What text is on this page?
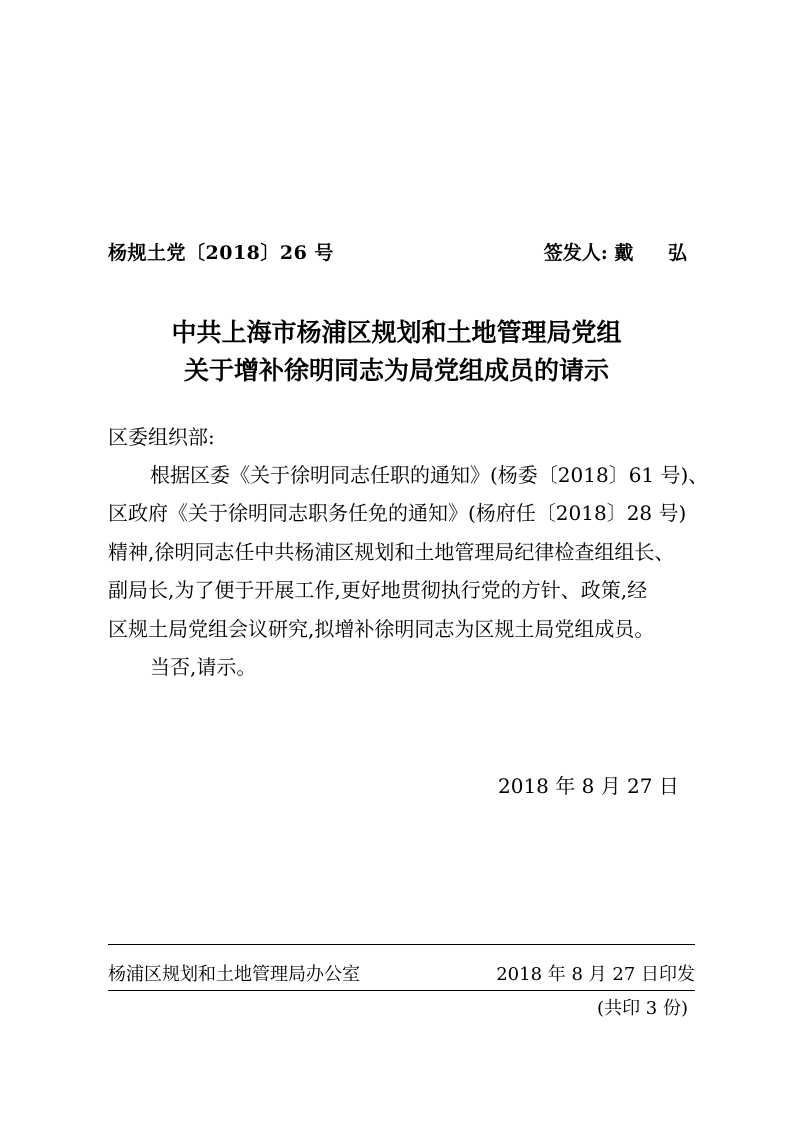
杨规土党〔2018〕26 号	签发人: 戴 弘
中共上海市杨浦区规划和土地管理局党组
关于增补徐明同志为局党组成员的请示
区委组织部:
根据区委《关于徐明同志任职的通知》(杨委〔2018〕61 号)、
区政府《关于徐明同志职务任免的通知》(杨府任〔2018〕28 号)
精神,徐明同志任中共杨浦区规划和土地管理局纪律检查组组长、
副局长,为了便于开展工作,更好地贯彻执行党的方针、政策,经
区规土局党组会议研究,拟增补徐明同志为区规土局党组成员。
当否,请示。
2018 年 8 月 27 日
杨浦区规划和土地管理局办公室	2018 年 8 月 27 日印发
(共印 3 份)
